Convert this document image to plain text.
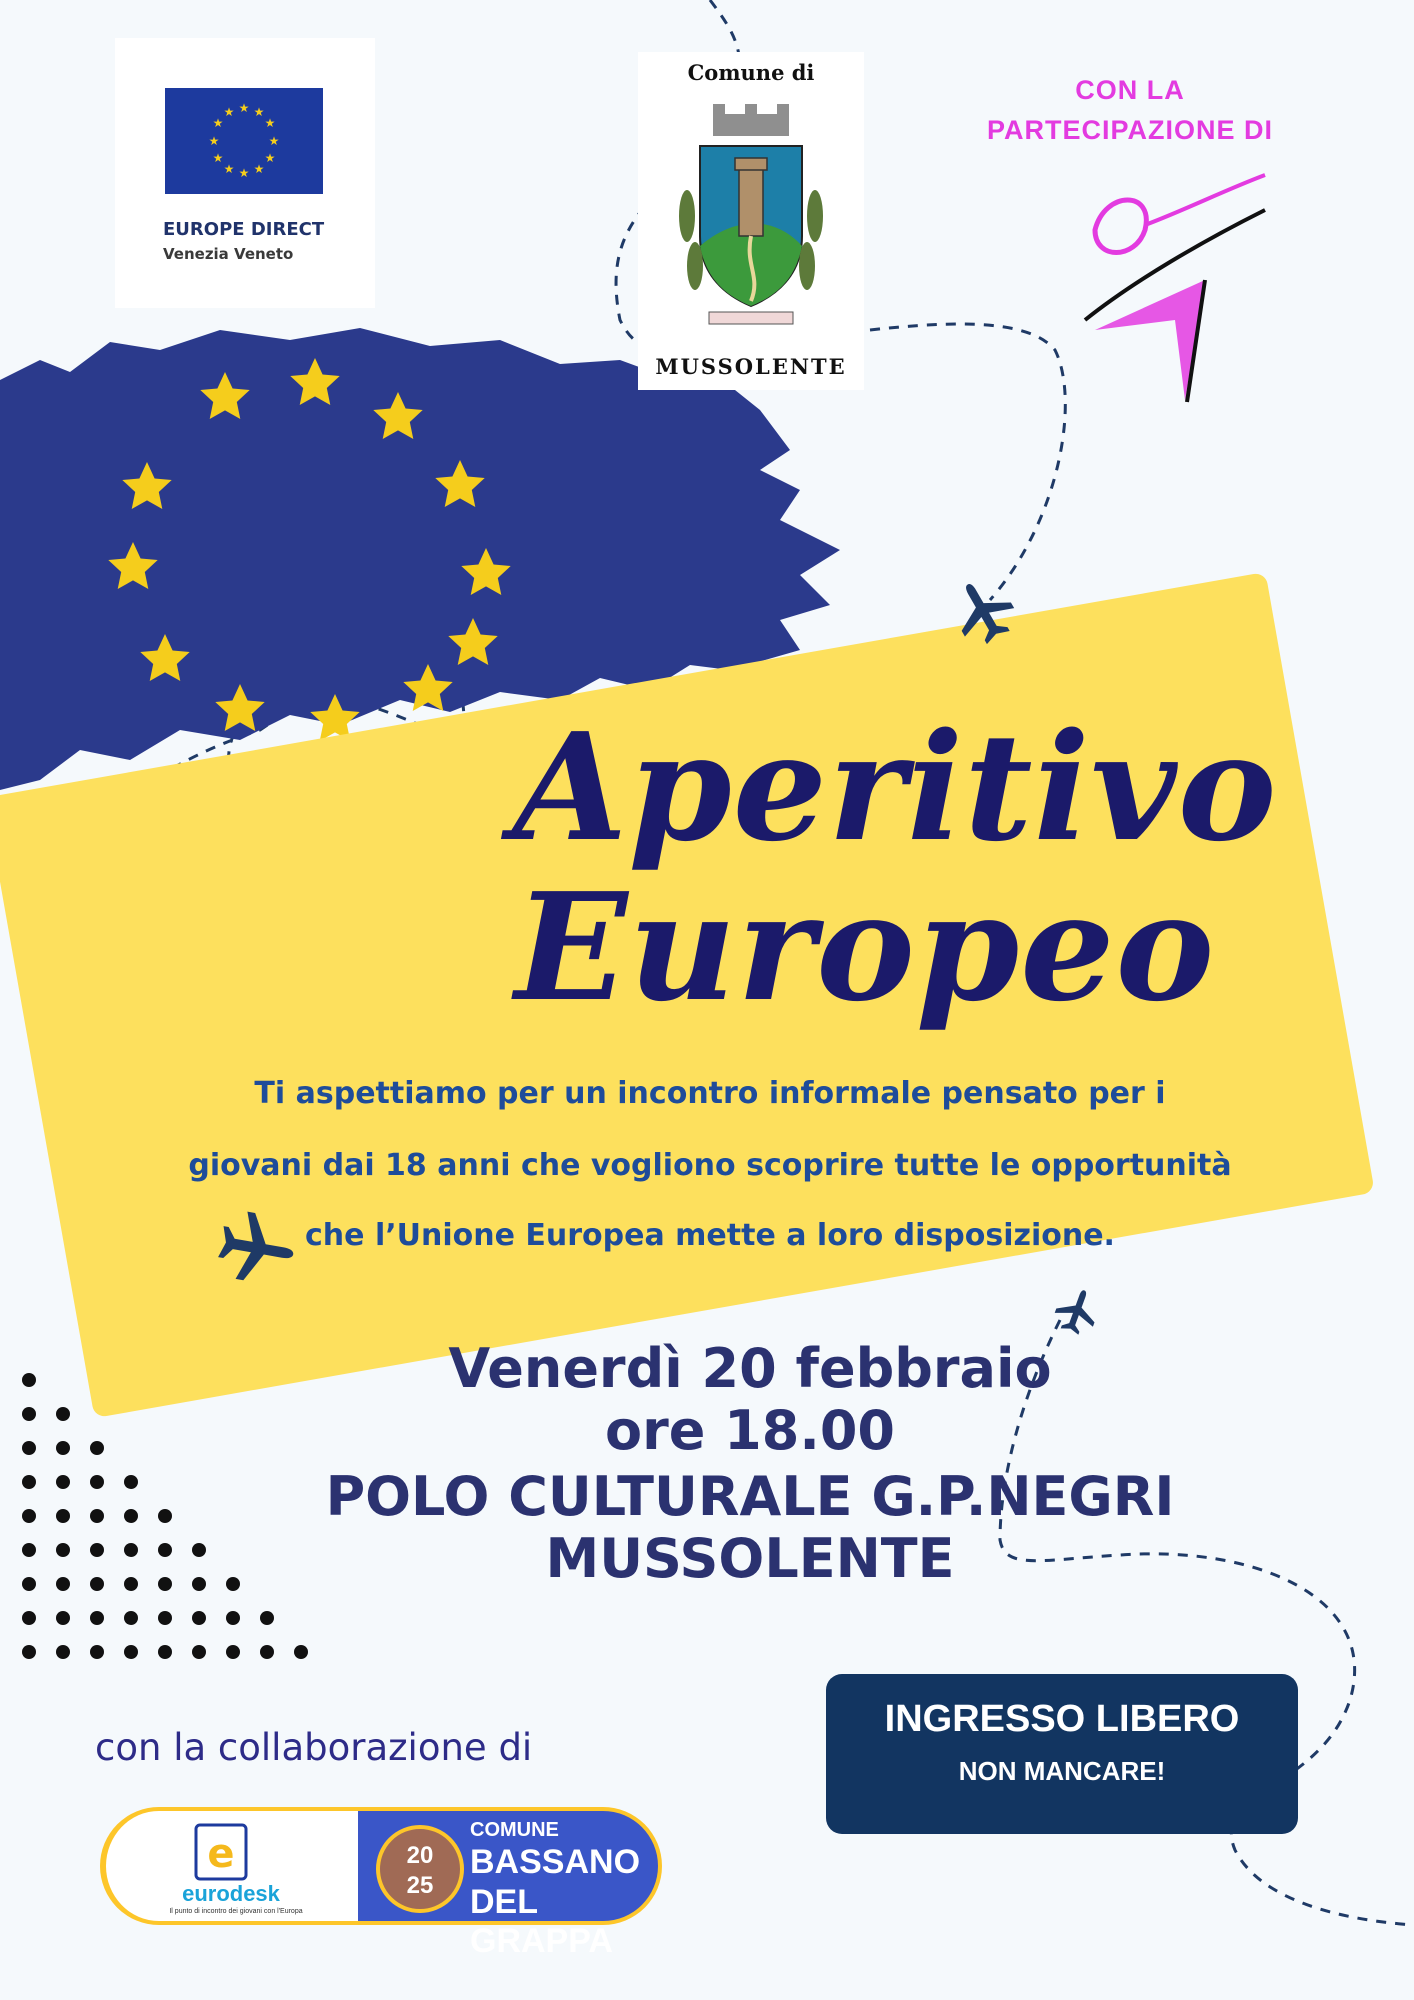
★ ★
★
★
★
★
★
★
★
★
★
★
EUROPE DIRECT
Venezia Veneto
Comune di
MUSSOLENTE
CON LA
PARTECIPAZIONE DI
Aperitivo
Europeo
Ti aspettiamo per un incontro informale pensato per i
giovani dai 18 anni che vogliono scoprire tutte le opportunità
che l’Unione Europea mette a loro disposizione.
Venerdì 20 febbraio
ore 18.00
POLO CULTURALE G.P.NEGRI
MUSSOLENTE
INGRESSO LIBERO
NON MANCARE!
con la collaborazione di
e
eurodesk
Il punto di incontro dei giovani con l'Europa
20
25
COMUNE
BASSANO
DEL GRAPPA
